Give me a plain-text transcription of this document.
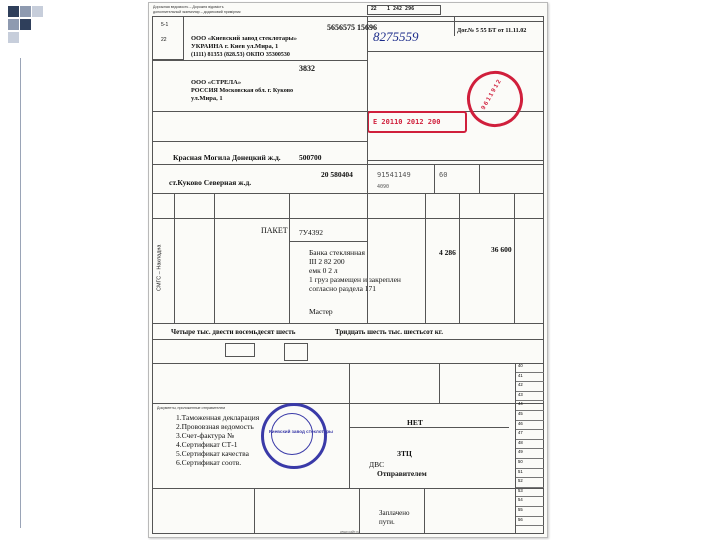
Дорожная ведомость – Дорожня відомість
дополнительный экземпляр – додатковий примірник	22 1 242 296
5-1
22
5656575 15696
ООО «Киевский завод стеклотары»
УКРАИНА г. Киев ул.Мира, 1
(1111) 81353 (828.53) ОКПО 35300530
Дог.№ 5 55 БТ от 11.11.02
8275559
3832
ООО «СТРЕЛА»
РОССИЯ Московская обл. г. Куково
ул.Мира, 1
Е 20110 2012 200
9 6 1 1 9 1 2
Красная Могила Донецкий ж.д. 500700
20 580404
ст.Куково Северная ж.д.
91541149	60
4090
ПАКЕТ 7У4392
Банка стеклянная
III 2 82 200
емк 0 2 л
1 груз размещен и закреплен
согласно раздела 171
Мастер
4 286	36 600
Четыре тыс. двести восемьдесят шесть	Тридцать шесть тыс. шестьсот кг.
Документы, приложенные отправителем
1.Таможенная декларация
2.Прововзная ведомость
3.Счет-фактура №
4.Сертификат СТ-1
5.Сертификат качества
6.Сертификат соотв.
Киевский завод стеклотары
НЕТ
ЗТЦ
ДВС
Отправителем
Заплачено
пути.
40
41
42
43
44
45
46
47
48
49
50
51
52
53
54
55
56
СМГС – Накладна
www.сайт.ru
